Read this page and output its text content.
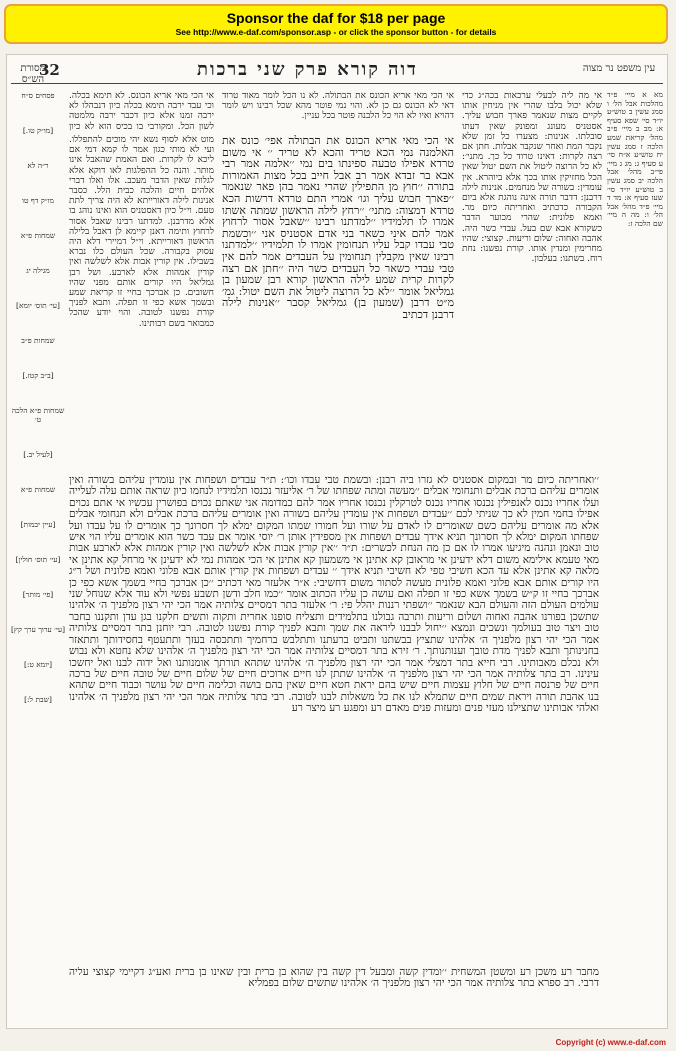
Sponsor the daf for $18 per page
See http://www.e-daf.com/sponsor.asp - or click the sponsor button - for details
עין משפט נר מצוה
דוה קורא פרק שני ברכות
32
מסורת הש״ס
מא א מיי׳ פ״ד מהלכות אבל הל׳ ו סמג עשין ב טוש״ע יו״ד סי׳ שפא סעיף א: מב ב מיי׳ פ״ב מהל׳ קריאת שמע הלכה ז סמג עשין יח טוש״ע א״ח סי׳ ע סעיף ג: מג ג מיי׳ פי״ב מהל׳ אבל הלכה יב סמג עשין ב טוש״ע יו״ד סי׳ שעז סעיף א: מד ד מיי׳ פ״ד מהל׳ אבל הל׳ ו: מה ה מיי׳ שם הלכה ז:
אי מה ליה לבעלי ערכאות בכה״ג כדי שלא יכול בלבו שהרי אין מניחין אותו לקיים מצות שנאמר פארך חבוש עליך. אסטניס מעונג ומפונק שאין דעתו סובלתו. אנינות: מצערו כל זמן שלא נקבר המת ואחר שנקבר אבלות. חתן אם רצה לקרות: דאינו טרוד כל כך. מתני׳: לא כל הרוצה ליטול את השם יטול שאין הכל מחזיקין אותו בכך אלא ביוהרא. אין עומדין: בשורה של מנחמים. אנינות לילה דרבנן: דדבר תורה אינה נוהגת אלא ביום הקבורה כדכתיב ואחריתה כיום מר. ואמא פלונית: שהרי מכוער הדבר כשקורא אבא שם בעל. עבדי כשר היה. אהבה ואחוה: שלום וריעות. קצוצי: שהיו מחרימין ומנדין אותו. קורת נפשנו: נחת רוח. בשתנו: בעלבון.
אי הכי מאי אריא הכונס את הבתולה. לא נו הכל לומר מאוד טרוד דאי לא הכונס גם כן לא. והוי נמי פוטר מהא שכל רבינו ויש לומר דהויא ואיו לא הוי כל הלבנה פוטר בכל עניין.
אי הכי מאי אריא הכונס. לא תימא בכלה. וכי עבד ירבה תימא בכלה כיון דנבהלו לא ירבה זמנו אלא כיון דכבר ירבה מלמטה לשון הכל. ומקורבי בו בכיס הוא לא כיון
אי הכי מאי אריא הכונס את הבתולה אפי׳ כונס את האלמנה נמי הכא טריד והכא לא טריד ׳׳ אי משום טרדא אפילו טבעה ספינתו בים נמי ׳׳אלמה אמר רבי אבא בר זבדא אמר רב אבל חייב בכל מצות האמורות בתורה ׳׳חוץ מן התפילין שהרי נאמר בהן פאר שנאמר ׳׳פארך חבוש עליך וגו׳ אמרי התם טרדא דרשות הכא טרדא דמצוה: מתני׳ ׳׳רחץ לילה הראשון שמתה אשתו אמרו לו תלמידיו ׳׳למדתנו רבינו ׳׳שאבל אסור לרחוץ אמר להם איני כשאר בני אדם אסטניס אני ׳׳וכשמת טבי עבדו קבל עליו תנחומין אמרו לו תלמידיו ׳׳למדתנו רבינו שאין מקבלין תנחומין על העבדים אמר להם אין טבי עבדי כשאר כל העבדים כשר היה ׳׳חתן אם רצה לקרות קרית שמע לילה הראשון קורא רבן שמעון בן גמליאל אומר ׳׳לא כל הרוצה ליטול את השם יטול: גמ׳ מ״ט דרבן (שמעון בן) גמליאל קסבר ׳׳אנינות לילה דרבנן דכתיב
מוט אלא לסוף נשא יהי מוכים להתפללו. ועי לא מותי כגון אמר לו קמא דמי אם ליכא לו לקרות. ואם האמת שהאבל אינו מותר. והנה כל ההפלגות לאו דוקא אלא לגלות שאין הדבר מעכב. אלו ואלו דברי אלהים חיים והלכה כבית הלל. כסבר אנינות לילה דאורייתא לא היה צריך לתת טעם. וי״ל כיון דאסטניס הוא ואינו נוהג בו אלא מדרבנן. למדתנו רבינו שאבל אסור לרחוץ ותימה דאנן קיימא לן דאבל בלילה הראשון דאורייתא. וי״ל דמיירי דלא היה עסוק בקבורה. שכל העולם כלו נברא בשבילו. אין קורין אבות אלא לשלשה ואין קורין אמהות אלא לארבע. ושל רבן גמליאל היו קורים אותם מפני שהיו חשובים. כן אברכך בחיי זו קריאת שמע ובשמך אשא כפי זו תפלה. ותבא לפניך קורת נפשנו לטובה. והוי יודע שהכל כמבואר בשם רבותינו.
׳׳ואחריתה כיום מר ובמקום אסטניס לא גזרו ביה רבנן: ובשמת טבי עבדו וכו׳: ת״ר עבדים ושפחות אין עומדין עליהם בשורה ואין אומרים עליהם ברכת אבלים ותנחומי אבלים ׳׳מעשה ומתה שפחתו של ר׳ אליעזר נכנסו תלמידיו לנחמו כיון שראה אותם עלה לעלייה ועלו אחריו נכנס לאנפילין נכנסו אחריו נכנס לטרקלין נכנסו אחריו אמר להם כמדומה אני שאתם נכוים בפושרין עכשיו אי אתם נכוים אפילו בחמי חמין לא כך שניתי לכם ׳׳עבדים ושפחות אין עומדין עליהם בשורה ואין אומרים עליהם ברכת אבלים ולא תנחומי אבלים אלא מה אומרים עליהם כשם שאומרים לו לאדם על שורו ועל חמורו שמתו המקום ימלא לך חסרונך כך אומרים לו על עבדו ועל שפחתו המקום ימלא לך חסרונך תניא אידך עבדים ושפחות אין מספידין אותן ר׳ יוסי אומר אם עבד כשר הוא אומרים עליו הוי איש טוב ונאמן ונהנה מיגיעו אמרו לו אם כן מה הנחת לכשרים: ת״ר ׳׳אין קורין אבות אלא לשלשה ואין קורין אמהות אלא לארבע אבות מאי טעמא אילימא משום דלא ידעינן אי מראובן קא אתינן אי משמעון קא אתינן אי הכי אמהות נמי לא ידעינן אי מרחל קא אתינן אי מלאה קא אתינן אלא עד הכא חשיבי טפי לא חשיבי תניא אידך ׳׳ עבדים ושפחות אין קורין אותם אבא פלוני ואמא פלונית ושל ר״ג היו קורים אותם אבא פלוני ואמא פלונית מעשה לסתור משום דחשיבי: א״ר אלעזר מאי דכתיב ׳׳כן אברכך בחיי בשמך אשא כפי כן אברכך בחיי זו ק״ש בשמך אשא כפי זו תפלה ואם עושה כן עליו הכתוב אומר ׳׳כמו חלב ודשן תשבע נפשי ולא עוד אלא שנוחל שני עולמים העולם הזה והעולם הבא שנאמר ׳׳ושפתי רננות יהלל פי: ר׳ אלעזר בתר דמסיים צלותיה אמר הכי יהי רצון מלפניך ה׳ אלהינו שתשכן בפורנו אהבה ואחוה ושלום וריעות ותרבה גבולנו בתלמידים ותצליח סופנו אחרית ותקוה ותשים חלקנו בגן עדן ותקננו בחבר טוב ויצר טוב בעולמך ונשכים ונמצא ׳׳יחול לבבנו ליראה את שמך ותבא לפניך קורת נפשנו לטובה. רבי יוחנן בתר דמסיים צלותיה אמר הכי יהי רצון מלפניך ה׳ אלהינו שתציץ בבשתנו ותביט ברעתנו ותתלבש ברחמיך ותתכסה בעזך ותתעטף בחסידותך ותתאזר בחנינותך ותבא לפניך מדת טובך וענותנותך. ר׳ זירא בתר דמסיים צלותיה אמר הכי יהי רצון מלפניך ה׳ אלהינו שלא נחטא ולא נבוש ולא נכלם מאבותינו. רבי חייא בתר דמצלי אמר הכי יהי רצון מלפניך ה׳ אלהינו שתהא תורתך אומנותנו ואל ידוה לבנו ואל יחשכו עינינו. רב בתר צלותיה אמר הכי יהי רצון מלפניך ה׳ אלהינו שתתן לנו חיים ארוכים חיים של שלום חיים של טובה חיים של ברכה חיים של פרנסה חיים של חלוץ עצמות חיים שיש בהם יראת חטא חיים שאין בהם בושה וכלימה חיים של עושר וכבוד חיים שתהא בנו אהבת תורה ויראת שמים חיים שתמלא לנו את כל משאלות לבנו לטובה. רבי בתר צלותיה אמר הכי יהי רצון מלפניך ה׳ אלהינו ואלהי אבותינו שתצילנו מעזי פנים ומעזות פנים מאדם רע ומפגע רע מיצר רע
מחבר רע משכן רע ומשטן המשחית ׳׳ומדין קשה ומבעל דין קשה בין שהוא בן ברית ובין שאינו בן ברית ואע״ג דקיימי קצוצי עליה דרבי. רב ספרא בתר צלותיה אמר הכי יהי רצון מלפניך ה׳ אלהינו שתשים שלום בפמליא
פסחים ס״ח
[מו״ק טו.]
ר״ה לא
מו״ק דף טו
שמחות פ״א
מגילה יג
[עי׳ תוס׳ יומא]
שמחות פ״ב
[ב״ב קטז.]
שמחות פ״א הלכה ט׳
[לעיל יב.]
שמחות פ״א
[עיין יבמות]
[עי׳ תוס׳ חולין]
[פי׳ מותר]
[עי׳ ערוך ערך קץ]
[יומא ט:]
[שבת ל:]
Copyright (c) www.e-daf.com
